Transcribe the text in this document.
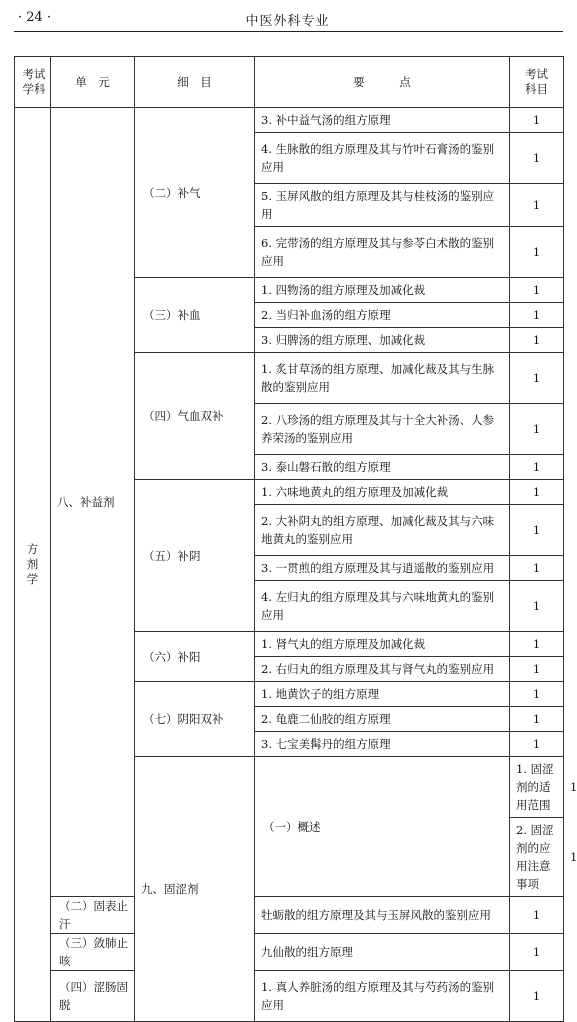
· 24 ·	中医外科专业
考试学科	单　元	细　目	要　　　点	考试科目	
方剂学	八、补益剂	（二）补气	3. 补中益气汤的组方原理	1	
			4. 生脉散的组方原理及其与竹叶石膏汤的鉴别应用	1	
			5. 玉屏风散的组方原理及其与桂枝汤的鉴别应用	1	
			6. 完带汤的组方原理及其与参苓白术散的鉴别应用	1	
		（三）补血	1. 四物汤的组方原理及加减化裁	1	
			2. 当归补血汤的组方原理	1	
			3. 归脾汤的组方原理、加减化裁	1	
		（四）气血双补	1. 炙甘草汤的组方原理、加减化裁及其与生脉散的鉴别应用	1	
			2. 八珍汤的组方原理及其与十全大补汤、人参养荣汤的鉴别应用	1	
			3. 泰山磐石散的组方原理	1	
		（五）补阴	1. 六味地黄丸的组方原理及加减化裁	1	
			2. 大补阴丸的组方原理、加减化裁及其与六味地黄丸的鉴别应用	1	
			3. 一贯煎的组方原理及其与逍遥散的鉴别应用	1	
			4. 左归丸的组方原理及其与六味地黄丸的鉴别应用	1	
		（六）补阳	1. 肾气丸的组方原理及加减化裁	1	
			2. 右归丸的组方原理及其与肾气丸的鉴别应用	1	
		（七）阴阳双补	1. 地黄饮子的组方原理	1	
			2. 龟鹿二仙胶的组方原理	1	
			3. 七宝美髯丹的组方原理	1	
		九、固涩剂	（一）概述	1. 固涩剂的适用范围	1
				2. 固涩剂的应用注意事项	1
	（二）固表止汗		牡蛎散的组方原理及其与玉屏风散的鉴别应用	1	
	（三）敛肺止咳		九仙散的组方原理	1	
	（四）涩肠固脱		1. 真人养脏汤的组方原理及其与芍药汤的鉴别应用	1	
